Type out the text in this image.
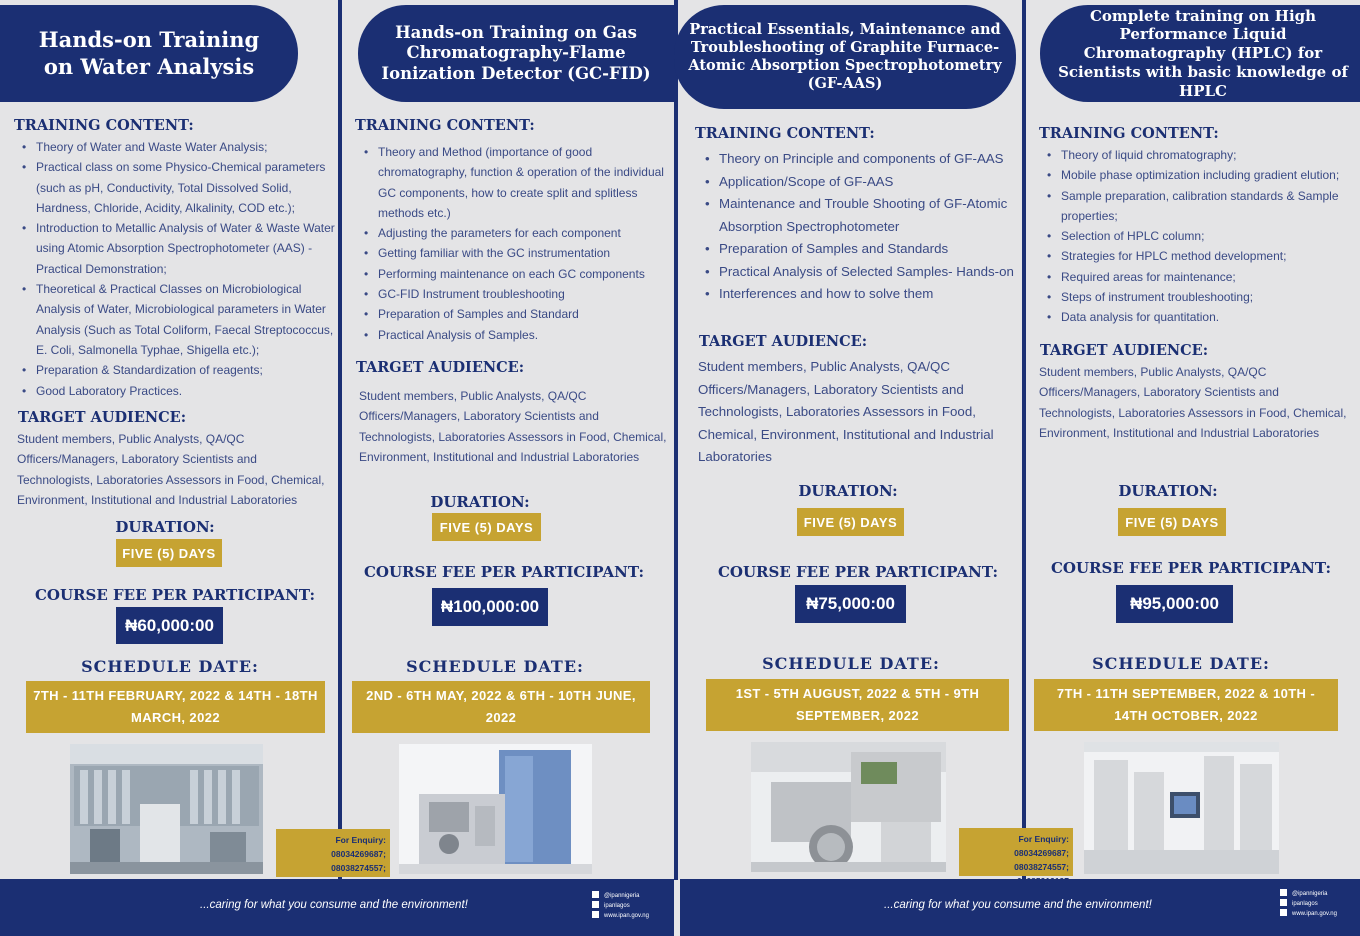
Hands-on Training on Water Analysis
TRAINING CONTENT:
• Theory of Water and Waste Water Analysis;
• Practical class on some Physico-Chemical parameters (such as pH, Conductivity, Total Dissolved Solid, Hardness, Chloride, Acidity, Alkalinity, COD etc.);
• Introduction to Metallic Analysis of Water & Waste Water using Atomic Absorption Spectrophotometer (AAS) - Practical Demonstration;
• Theoretical & Practical Classes on Microbiological Analysis of Water, Microbiological parameters in Water Analysis (Such as Total Coliform, Faecal Streptococcus, E. Coli, Salmonella Typhae, Shigella etc.);
• Preparation & Standardization of reagents;
• Good Laboratory Practices.
TARGET AUDIENCE:
Student members, Public Analysts, QA/QC Officers/Managers, Laboratory Scientists and Technologists, Laboratories Assessors in Food, Chemical, Environment, Institutional and Industrial Laboratories
DURATION:
FIVE (5) DAYS
COURSE FEE PER PARTICIPANT:
₦60,000:00
SCHEDULE DATE:
7TH - 11TH FEBRUARY, 2022 & 14TH - 18TH MARCH, 2022
Hands-on Training on Gas Chromatography-Flame Ionization Detector (GC-FID)
TRAINING CONTENT:
• Theory and Method (importance of good chromatography, function & operation of the individual GC components, how to create split and splitless methods etc.)
• Adjusting the parameters for each component
• Getting familiar with the GC instrumentation
• Performing maintenance on each GC components
• GC-FID Instrument troubleshooting
• Preparation of Samples and Standard
• Practical Analysis of Samples.
TARGET AUDIENCE:
Student members, Public Analysts, QA/QC Officers/Managers, Laboratory Scientists and Technologists, Laboratories Assessors in Food, Chemical, Environment, Institutional and Industrial Laboratories
DURATION:
FIVE (5) DAYS
COURSE FEE PER PARTICIPANT:
₦100,000:00
SCHEDULE DATE:
2ND - 6TH MAY, 2022 & 6TH - 10TH JUNE, 2022
For Enquiry: 08034269687;
08038274557;
Practical Essentials, Maintenance and Troubleshooting of Graphite Furnace-Atomic Absorption Spectrophotometry (GF-AAS)
TRAINING CONTENT:
• Theory on Principle and components of GF-AAS
• Application/Scope of GF-AAS
• Maintenance and Trouble Shooting of GF-Atomic Absorption Spectrophotometer
• Preparation of Samples and Standards
• Practical Analysis of Selected Samples- Hands-on
• Interferences and how to solve them
TARGET AUDIENCE:
Student members, Public Analysts, QA/QC Officers/Managers, Laboratory Scientists and Technologists, Laboratories Assessors in Food, Chemical, Environment, Institutional and Industrial Laboratories
DURATION:
FIVE (5) DAYS
COURSE FEE PER PARTICIPANT:
₦75,000:00
SCHEDULE DATE:
1ST - 5TH AUGUST, 2022 & 5TH - 9TH SEPTEMBER, 2022
Complete training on High Performance Liquid Chromatography (HPLC) for Scientists with basic knowledge of HPLC
TRAINING CONTENT:
• Theory of liquid chromatography;
• Mobile phase optimization including gradient elution;
• Sample preparation, calibration standards & Sample properties;
• Selection of HPLC column;
• Strategies for HPLC method development;
• Required areas for maintenance;
• Steps of instrument troubleshooting;
• Data analysis for quantitation.
TARGET AUDIENCE:
Student members, Public Analysts, QA/QC Officers/Managers, Laboratory Scientists and Technologists, Laboratories Assessors in Food, Chemical, Environment, Institutional and Industrial Laboratories
DURATION:
FIVE (5) DAYS
COURSE FEE PER PARTICIPANT:
₦95,000:00
SCHEDULE DATE:
7TH - 11TH SEPTEMBER, 2022 & 10TH - 14TH OCTOBER, 2022
For Enquiry: 08034269687;
08038274557;
...caring for what you consume and the environment!
@ipannigeria
ipanlagos
www.ipan.gov.ng
...caring for what you consume and the environment!
@ipannigeria
ipanlagos
www.ipan.gov.ng
